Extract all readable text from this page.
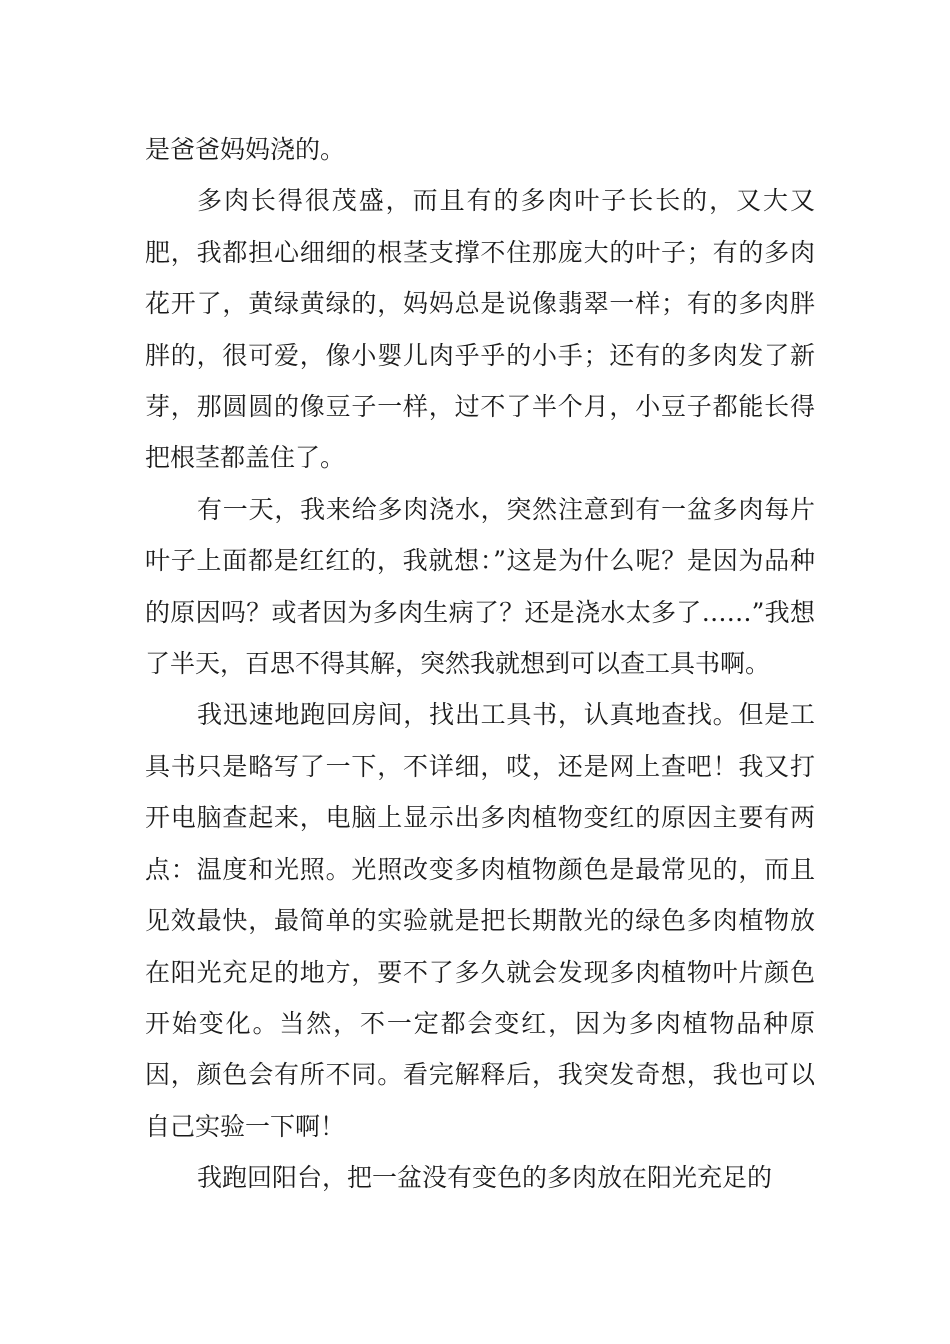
是爸爸妈妈浇的。

多肉长得很茂盛，而且有的多肉叶子长长的，又大又肥，我都担心细细的根茎支撑不住那庞大的叶子；有的多肉花开了，黄绿黄绿的，妈妈总是说像翡翠一样；有的多肉胖胖的，很可爱，像小婴儿肉乎乎的小手；还有的多肉发了新芽，那圆圆的像豆子一样，过不了半个月，小豆子都能长得把根茎都盖住了。

有一天，我来给多肉浇水，突然注意到有一盆多肉每片叶子上面都是红红的，我就想：”这是为什么呢？是因为品种的原因吗？或者因为多肉生病了？还是浇水太多了……”我想了半天，百思不得其解，突然我就想到可以查工具书啊。

我迅速地跑回房间，找出工具书，认真地查找。但是工具书只是略写了一下，不详细，哎，还是网上查吧！我又打开电脑查起来，电脑上显示出多肉植物变红的原因主要有两点：温度和光照。光照改变多肉植物颜色是最常见的，而且见效最快，最简单的实验就是把长期散光的绿色多肉植物放在阳光充足的地方，要不了多久就会发现多肉植物叶片颜色开始变化。当然，不一定都会变红，因为多肉植物品种原因，颜色会有所不同。看完解释后，我突发奇想，我也可以自己实验一下啊！

我跑回阳台，把一盆没有变色的多肉放在阳光充足的
